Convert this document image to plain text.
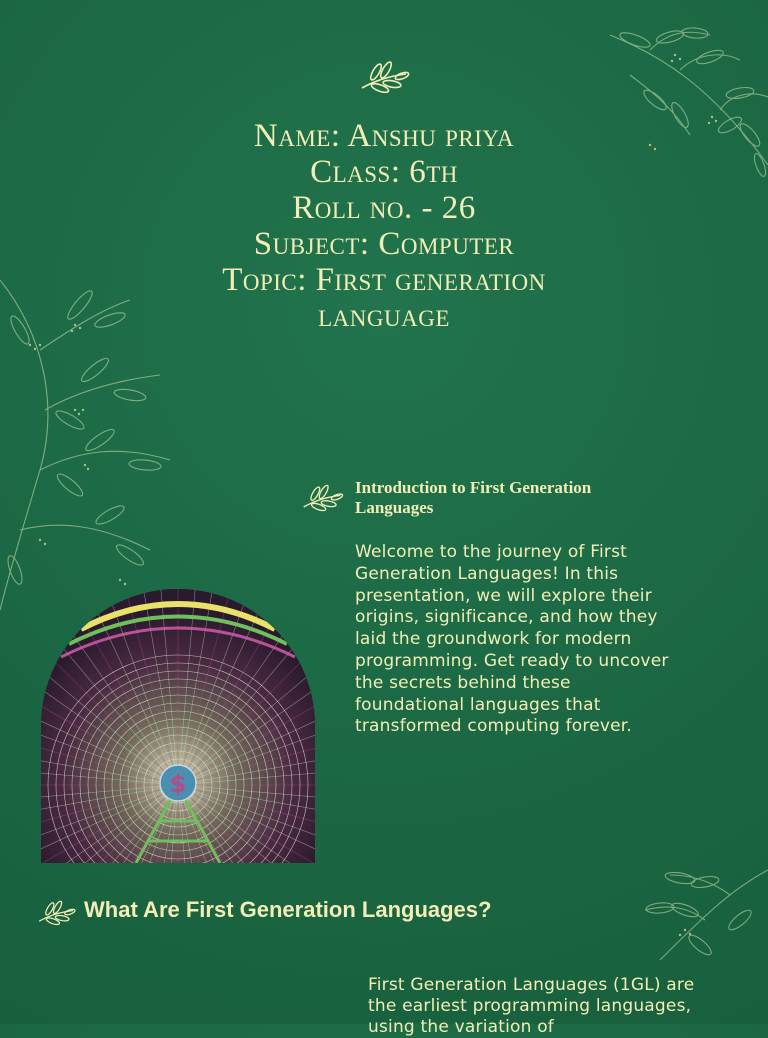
Name: Anshu priya
Class: 6th
Roll no. - 26
Subject: Computer
Topic: First generation
language
Introduction to First Generation Languages
Welcome to the journey of First Generation Languages! In this presentation, we will explore their origins, significance, and how they laid the groundwork for modern programming. Get ready to uncover the secrets behind these foundational languages that transformed computing forever.
$
What Are First Generation Languages?
First Generation Languages (1GL) are the earliest programming languages, using the variation of
